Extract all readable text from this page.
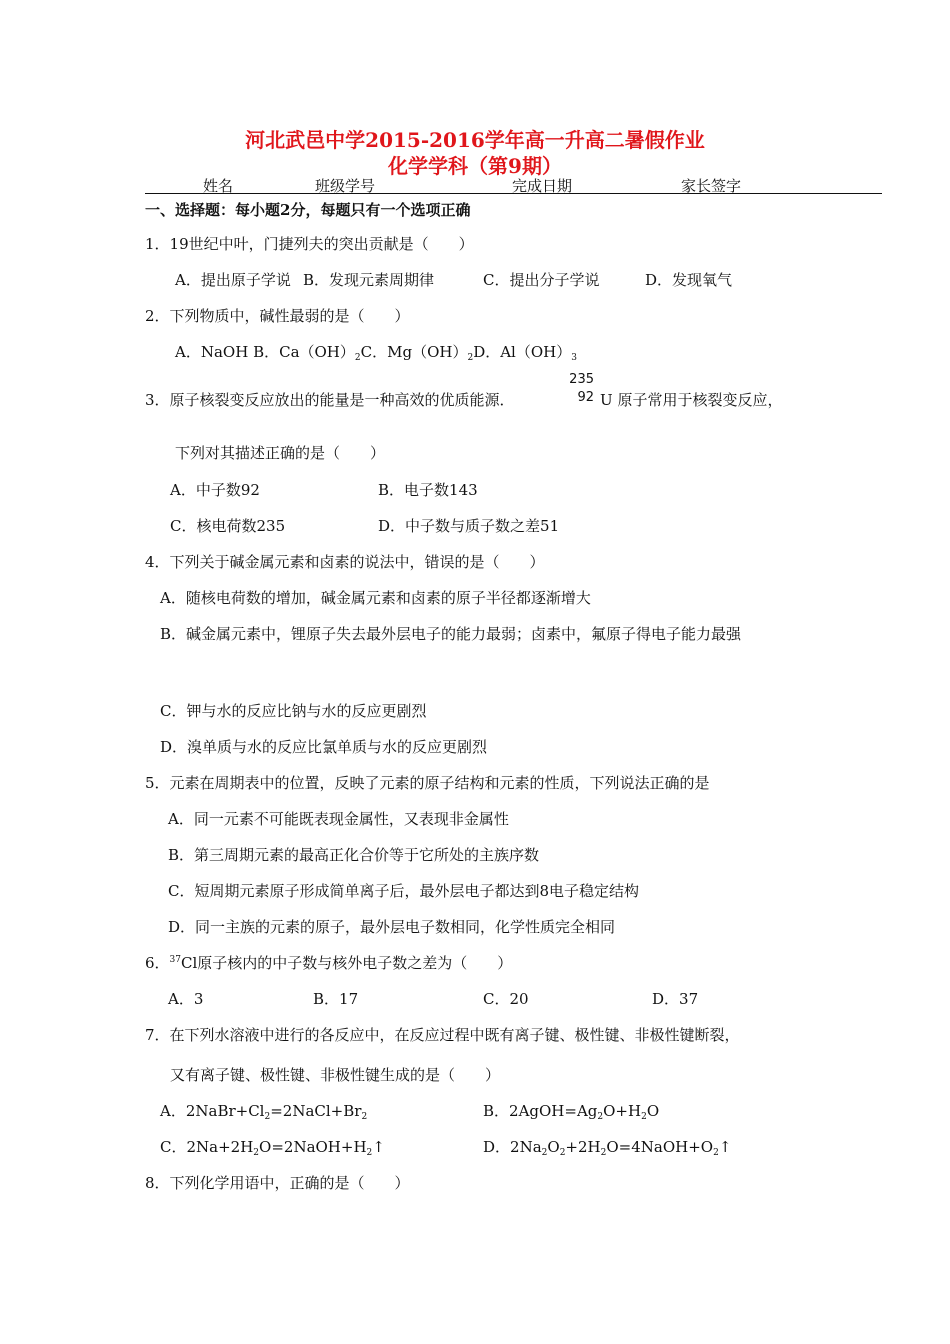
河北武邑中学2015-2016学年高一升高二暑假作业
化学学科（第9期）
姓名	班级学号	完成日期	家长签字
一、选择题：每小题2分，每题只有一个选项正确
1．19世纪中叶，门捷列夫的突出贡献是（　　）
A．提出原子学说 B．发现元素周期律	C．提出分子学说	D．发现氧气
2．下列物质中，碱性最弱的是（　　）
A．NaOH B．$Ca(OH)_2C$．$Mg(OH)_2D$．$Al(OH)_3$
3．原子核裂变反应放出的能量是一种高效的优质能源．
235
92 U 原子常用于核裂变反应，
下列对其描述正确的是（　　）
A．中子数92	B．电子数143
C．核电荷数235	D．中子数与质子数之差51
4．下列关于碱金属元素和卤素的说法中，错误的是（　　）
A．随核电荷数的增加，碱金属元素和卤素的原子半径都逐渐增大
B．碱金属元素中，锂原子失去最外层电子的能力最弱；卤素中，氟原子得电子能力最强
C．钾与水的反应比钠与水的反应更剧烈
D．溴单质与水的反应比氯单质与水的反应更剧烈
5．元素在周期表中的位置，反映了元素的原子结构和元素的性质，下列说法正确的是
A．同一元素不可能既表现金属性，又表现非金属性
B．第三周期元素的最高正化合价等于它所处的主族序数
C．短周期元素原子形成简单离子后，最外层电子都达到8电子稳定结构
D．同一主族的元素的原子，最外层电子数相同，化学性质完全相同
6．$^{37}$Cl原子核内的中子数与核外电子数之差为（　　）
A．3	B．17	C．20	D．37
7．在下列水溶液中进行的各反应中，在反应过程中既有离子键、极性键、非极性键断裂，
又有离子键、极性键、非极性键生成的是（　　）
A．$2NaBr+Cl_2=2NaCl+Br_2$	B．$2AgOH=Ag_2O+H_2O$
C．$2Na+2H_2O=2NaOH+H_2↑$	D．$2Na_2O_2+2H_2O=4NaOH+O_2↑$
8．下列化学用语中，正确的是（　　）
